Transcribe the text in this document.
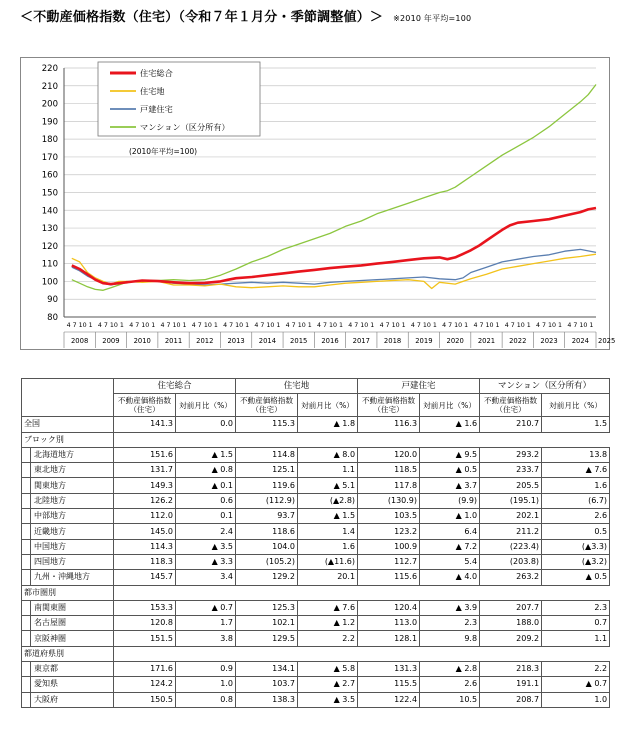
＜不動産価格指数（住宅）（令和７年１月分・季節調整値）＞ ※2010 年平均=100
80
90
100
110
120
130
140
150
160
170
180
190
200
210
220
4 7 10 1
2008
4 7 10 1
2009
4 7 10 1
2010
4 7 10 1
2011
4 7 10 1
2012
4 7 10 1
2013
4 7 10 1
2014
4 7 10 1
2015
4 7 10 1
2016
4 7 10 1
2017
4 7 10 1
2018
4 7 10 1
2019
4 7 10 1
2020
4 7 10 1
2021
4 7 10 1
2022
4 7 10 1
2023
4 7 10 1
2024 2025
住宅総合
住宅地
戸建住宅
マンション（区分所有）
(2010年平均=100)
	住宅総合		住宅地		戸建住宅		マンション（区分所有）	
	不動産価格指数（住宅）	対前月比（%）	不動産価格指数（住宅）	対前月比（%）	不動産価格指数（住宅）	対前月比（%）	不動産価格指数（住宅）	対前月比（%）
全国	141.3	0.0	115.3	▲ 1.8	116.3	▲ 1.6	210.7	1.5
ブロック別								
北海道地方	151.6	▲ 1.5	114.8	▲ 8.0	120.0	▲ 9.5	293.2	13.8
東北地方	131.7	▲ 0.8	125.1	1.1	118.5	▲ 0.5	233.7	▲ 7.6
関東地方	149.3	▲ 0.1	119.6	▲ 5.1	117.8	▲ 3.7	205.5	1.6
北陸地方	126.2	0.6	(112.9)	(▲2.8)	(130.9)	(9.9)	(195.1)	(6.7)
中部地方	112.0	0.1	93.7	▲ 1.5	103.5	▲ 1.0	202.1	2.6
近畿地方	145.0	2.4	118.6	1.4	123.2	6.4	211.2	0.5
中国地方	114.3	▲ 3.5	104.0	1.6	100.9	▲ 7.2	(223.4)	(▲3.3)
四国地方	118.3	▲ 3.3	(105.2)	(▲11.6)	112.7	5.4	(203.8)	(▲3.2)
九州・沖縄地方	145.7	3.4	129.2	20.1	115.6	▲ 4.0	263.2	▲ 0.5
都市圏別								
南関東圏	153.3	▲ 0.7	125.3	▲ 7.6	120.4	▲ 3.9	207.7	2.3
名古屋圏	120.8	1.7	102.1	▲ 1.2	113.0	2.3	188.0	0.7
京阪神圏	151.5	3.8	129.5	2.2	128.1	9.8	209.2	1.1
都道府県別								
東京都	171.6	0.9	134.1	▲ 5.8	131.3	▲ 2.8	218.3	2.2
愛知県	124.2	1.0	103.7	▲ 2.7	115.5	2.6	191.1	▲ 0.7
大阪府	150.5	0.8	138.3	▲ 3.5	122.4	10.5	208.7	1.0
